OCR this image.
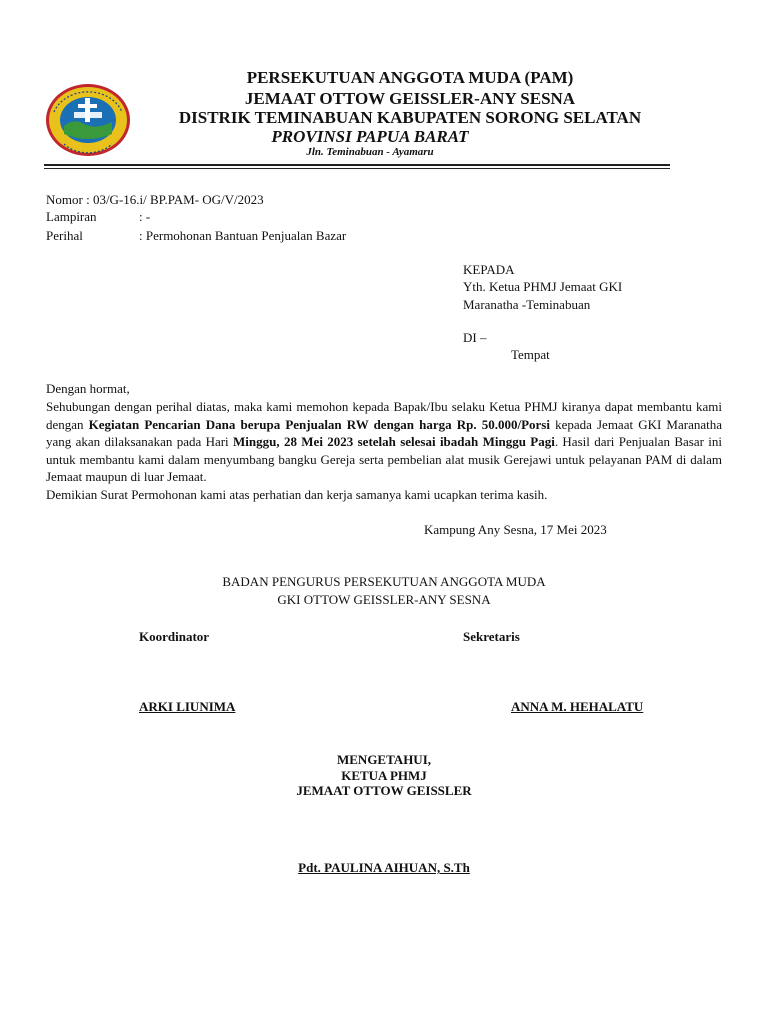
PERSEKUTUAN ANGGOTA MUDA (PAM)
JEMAAT OTTOW GEISSLER-ANY SESNA
DISTRIK TEMINABUAN KABUPATEN SORONG SELATAN
PROVINSI PAPUA BARAT
Jln. Teminabuan - Ayamaru
Nomor : 03/G-16.i/ BP.PAM- OG/V/2023
Lampiran	: -
Perihal	: Permohonan Bantuan Penjualan Bazar
KEPADA
Yth. Ketua PHMJ Jemaat GKI
Maranatha -Teminabuan
DI –
Tempat
Dengan hormat,
Sehubungan dengan perihal diatas, maka kami memohon kepada Bapak/Ibu selaku Ketua PHMJ kiranya dapat membantu kami dengan Kegiatan Pencarian Dana berupa Penjualan RW dengan harga Rp. 50.000/Porsi kepada Jemaat GKI Maranatha yang akan dilaksanakan pada Hari Minggu, 28 Mei 2023 setelah selesai ibadah Minggu Pagi. Hasil dari Penjualan Basar ini untuk membantu kami dalam menyumbang bangku Gereja serta pembelian alat musik Gerejawi untuk pelayanan PAM di dalam Jemaat maupun di luar Jemaat.
Demikian Surat Permohonan kami atas perhatian dan kerja samanya kami ucapkan terima kasih.
Kampung Any Sesna, 17 Mei 2023
BADAN PENGURUS PERSEKUTUAN ANGGOTA MUDA
GKI OTTOW GEISSLER-ANY SESNA
Koordinator	Sekretaris
ARKI LIUNIMA	ANNA M. HEHALATU
MENGETAHUI,
KETUA PHMJ
JEMAAT OTTOW GEISSLER
Pdt. PAULINA AIHUAN, S.Th
